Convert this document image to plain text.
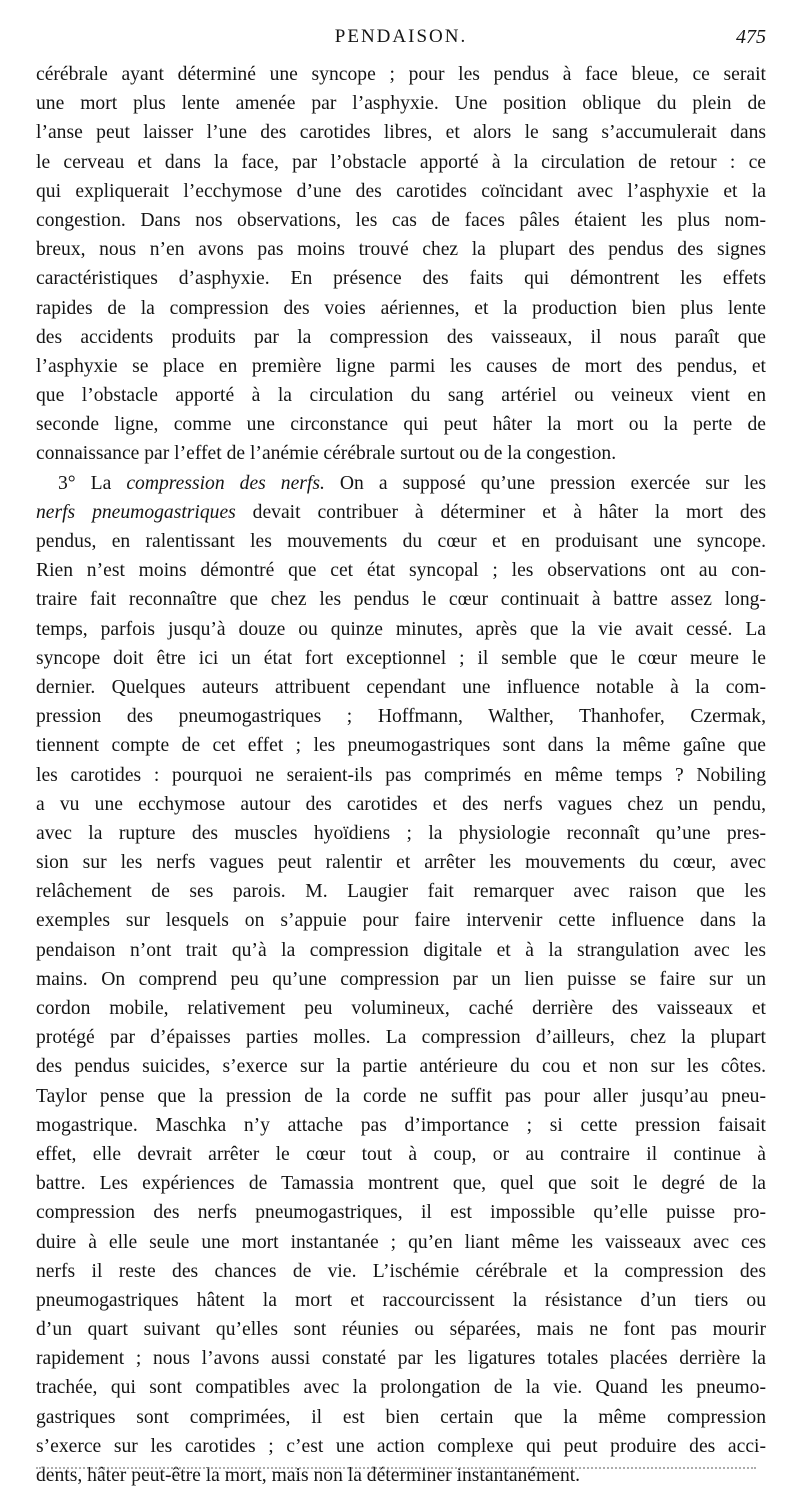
PENDAISON.	475
cérébrale ayant déterminé une syncope ; pour les pendus à face bleue, ce serait
une mort plus lente amenée par l’asphyxie. Une position oblique du plein de
l’anse peut laisser l’une des carotides libres, et alors le sang s’accumulerait dans
le cerveau et dans la face, par l’obstacle apporté à la circulation de retour : ce
qui expliquerait l’ecchymose d’une des carotides coïncidant avec l’asphyxie et la
congestion. Dans nos observations, les cas de faces pâles étaient les plus nom-
breux, nous n’en avons pas moins trouvé chez la plupart des pendus des signes
caractéristiques d’asphyxie. En présence des faits qui démontrent les effets
rapides de la compression des voies aériennes, et la production bien plus lente
des accidents produits par la compression des vaisseaux, il nous paraît que
l’asphyxie se place en première ligne parmi les causes de mort des pendus, et
que l’obstacle apporté à la circulation du sang artériel ou veineux vient en
seconde ligne, comme une circonstance qui peut hâter la mort ou la perte de
connaissance par l’effet de l’anémie cérébrale surtout ou de la congestion.
3° La compression des nerfs. On a supposé qu’une pression exercée sur les
nerfs pneumogastriques devait contribuer à déterminer et à hâter la mort des
pendus, en ralentissant les mouvements du cœur et en produisant une syncope.
Rien n’est moins démontré que cet état syncopal ; les observations ont au con-
traire fait reconnaître que chez les pendus le cœur continuait à battre assez long-
temps, parfois jusqu’à douze ou quinze minutes, après que la vie avait cessé. La
syncope doit être ici un état fort exceptionnel ; il semble que le cœur meure le
dernier. Quelques auteurs attribuent cependant une influence notable à la com-
pression des pneumogastriques ; Hoffmann, Walther, Thanhofer, Czermak,
tiennent compte de cet effet ; les pneumogastriques sont dans la même gaîne que
les carotides : pourquoi ne seraient-ils pas comprimés en même temps ? Nobiling
a vu une ecchymose autour des carotides et des nerfs vagues chez un pendu,
avec la rupture des muscles hyoïdiens ; la physiologie reconnaît qu’une pres-
sion sur les nerfs vagues peut ralentir et arrêter les mouvements du cœur, avec
relâchement de ses parois. M. Laugier fait remarquer avec raison que les
exemples sur lesquels on s’appuie pour faire intervenir cette influence dans la
pendaison n’ont trait qu’à la compression digitale et à la strangulation avec les
mains. On comprend peu qu’une compression par un lien puisse se faire sur un
cordon mobile, relativement peu volumineux, caché derrière des vaisseaux et
protégé par d’épaisses parties molles. La compression d’ailleurs, chez la plupart
des pendus suicides, s’exerce sur la partie antérieure du cou et non sur les côtes.
Taylor pense que la pression de la corde ne suffit pas pour aller jusqu’au pneu-
mogastrique. Maschka n’y attache pas d’importance ; si cette pression faisait
effet, elle devrait arrêter le cœur tout à coup, or au contraire il continue à
battre. Les expériences de Tamassia montrent que, quel que soit le degré de la
compression des nerfs pneumogastriques, il est impossible qu’elle puisse pro-
duire à elle seule une mort instantanée ; qu’en liant même les vaisseaux avec ces
nerfs il reste des chances de vie. L’ischémie cérébrale et la compression des
pneumogastriques hâtent la mort et raccourcissent la résistance d’un tiers ou
d’un quart suivant qu’elles sont réunies ou séparées, mais ne font pas mourir
rapidement ; nous l’avons aussi constaté par les ligatures totales placées derrière la
trachée, qui sont compatibles avec la prolongation de la vie. Quand les pneumo-
gastriques sont comprimées, il est bien certain que la même compression
s’exerce sur les carotides ; c’est une action complexe qui peut produire des acci-
dents, hâter peut-être la mort, mais non la déterminer instantanément.
